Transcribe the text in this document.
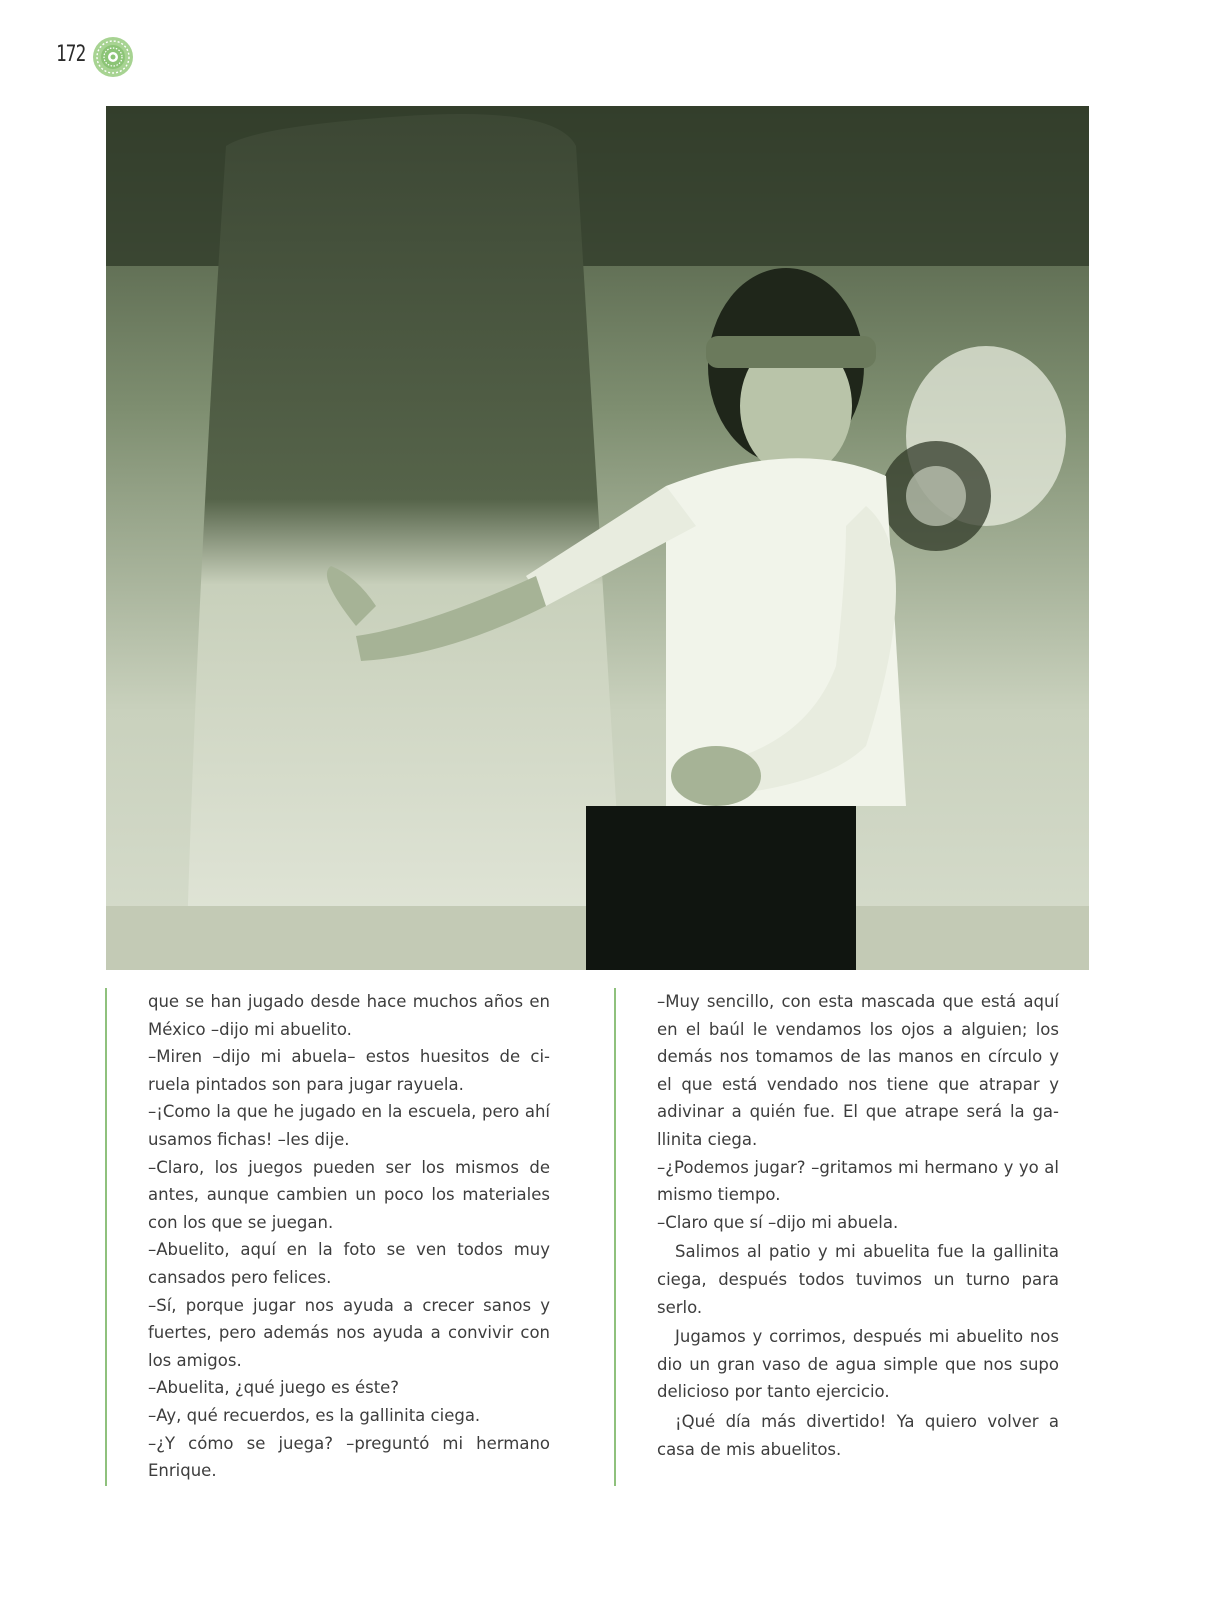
172

que se han jugado desde hace muchos años en México –dijo mi abuelito.

–Miren –dijo mi abuela– estos huesitos de ci-ruela pintados son para jugar rayuela.

–¡Como la que he jugado en la escuela, pero ahí usamos fichas! –les dije.

–Claro, los juegos pueden ser los mismos de antes, aunque cambien un poco los materiales con los que se juegan.

–Abuelito, aquí en la foto se ven todos muy cansados pero felices.

–Sí, porque jugar nos ayuda a crecer sanos y fuertes, pero además nos ayuda a convivir con los amigos.

–Abuelita, ¿qué juego es éste?

–Ay, qué recuerdos, es la gallinita ciega.

–¿Y cómo se juega? –preguntó mi hermano Enrique.

–Muy sencillo, con esta mascada que está aquí en el baúl le vendamos los ojos a alguien; los demás nos tomamos de las manos en círculo y el que está vendado nos tiene que atrapar y adivinar a quién fue. El que atrape será la ga-llinita ciega.

–¿Podemos jugar? –gritamos mi hermano y yo al mismo tiempo.

–Claro que sí –dijo mi abuela.

Salimos al patio y mi abuelita fue la gallinita ciega, después todos tuvimos un turno para serlo.

Jugamos y corrimos, después mi abuelito nos dio un gran vaso de agua simple que nos supo delicioso por tanto ejercicio.

¡Qué día más divertido! Ya quiero volver a casa de mis abuelitos.
